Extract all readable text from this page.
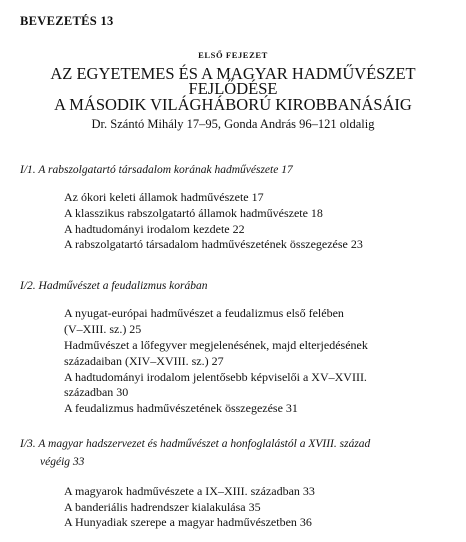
BEVEZETÉS 13
ELSŐ FEJEZET
AZ EGYETEMES ÉS A MAGYAR HADMŰVÉSZET
FEJLŐDÉSE
A MÁSODIK VILÁGHÁBORÚ KIROBBANÁSÁIG
Dr. Szántó Mihály 17–95, Gonda András 96–121 oldalig
I/1. A rabszolgatartó társadalom korának hadművészete 17
Az ókori keleti államok hadművészete 17
A klasszikus rabszolgatartó államok hadművészete 18
A hadtudományi irodalom kezdete 22
A rabszolgatartó társadalom hadművészetének összegezése 23
I/2. Hadművészet a feudalizmus korában
A nyugat-európai hadművészet a feudalizmus első felében
(V–XIII. sz.) 25
Hadművészet a lőfegyver megjelenésének, majd elterjedésének
századaiban (XIV–XVIII. sz.) 27
A hadtudományi irodalom jelentősebb képviselői a XV–XVIII.
században 30
A feudalizmus hadművészetének összegezése 31
I/3. A magyar hadszervezet és hadművészet a honfoglalástól a XVIII. század
végéig 33
A magyarok hadművészete a IX–XIII. században 33
A banderiális hadrendszer kialakulása 35
A Hunyadiak szerepe a magyar hadművészetben 36
